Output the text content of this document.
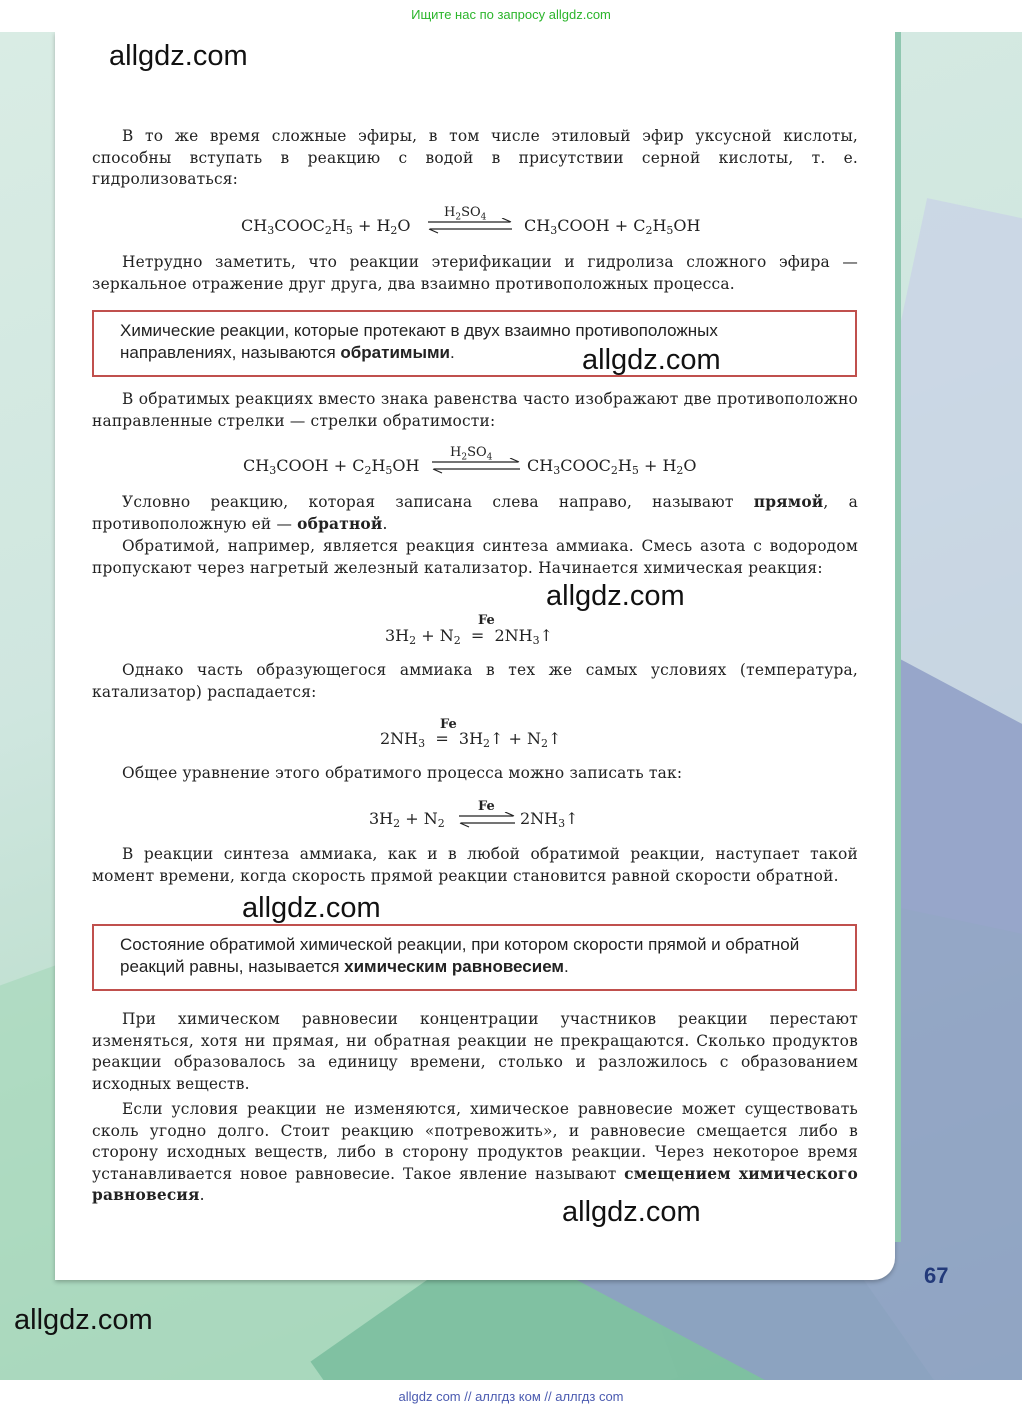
Ищите нас по запросу allgdz.com
В то же время сложные эфиры, в том числе этиловый эфир уксусной кислоты, способны вступать в реакцию с водой в присутствии серной кислоты, т. е. гидролизоваться:
$CH_3COOC_2H_5 + H_2O$
$H_2SO_4$ $CH_3COOH + C_2H_5OH$
Нетрудно заметить, что реакции этерификации и гидролиза сложного эфира — зеркальное отражение друг друга, два взаимно противоположных процесса.
Химические реакции, которые протекают в двух взаимно противоположных направлениях, называются обратимыми.
В обратимых реакциях вместо знака равенства часто изображают две противоположно направленные стрелки — стрелки обратимости:
$CH_3COOH + C_2H_5OH$
$H_2SO_4$ $CH_3COOC_2H_5 + H_2O$
Условно реакцию, которая записана слева направо, называют прямой, а противоположную ей — обратной.
Обратимой, например, является реакция синтеза аммиака. Смесь азота с водородом пропускают через нагретый железный катализатор. Начинается химическая реакция:
Fe
$3H_2 + N_2$  =  $2NH_3↑$
Однако часть образующегося аммиака в тех же самых условиях (температура, катализатор) распадается:
Fe
$2NH_3$  =  $3H_2↑$ + $N_2↑$
Общее уравнение этого обратимого процесса можно записать так:
$3H_2 + N_2$
Fe
⇌ $2NH_3↑$
В реакции синтеза аммиака, как и в любой обратимой реакции, наступает такой момент времени, когда скорость прямой реакции становится равной скорости обратной.
Состояние обратимой химической реакции, при котором скорости прямой и обратной реакций равны, называется химическим равновесием.
При химическом равновесии концентрации участников реакции перестают изменяться, хотя ни прямая, ни обратная реакции не прекращаются. Сколько продуктов реакции образовалось за единицу времени, столько и разложилось с образованием исходных веществ.
Если условия реакции не изменяются, химическое равновесие может существовать сколь угодно долго. Стоит реакцию «потревожить», и равновесие смещается либо в сторону исходных веществ, либо в сторону продуктов реакции. Через некоторое время устанавливается новое равновесие. Такое явление называют смещением химического равновесия.
allgdz.com
allgdz.com
allgdz.com
allgdz.com
allgdz.com
allgdz.com
67
allgdz com // аллгдз ком // аллгдз com
